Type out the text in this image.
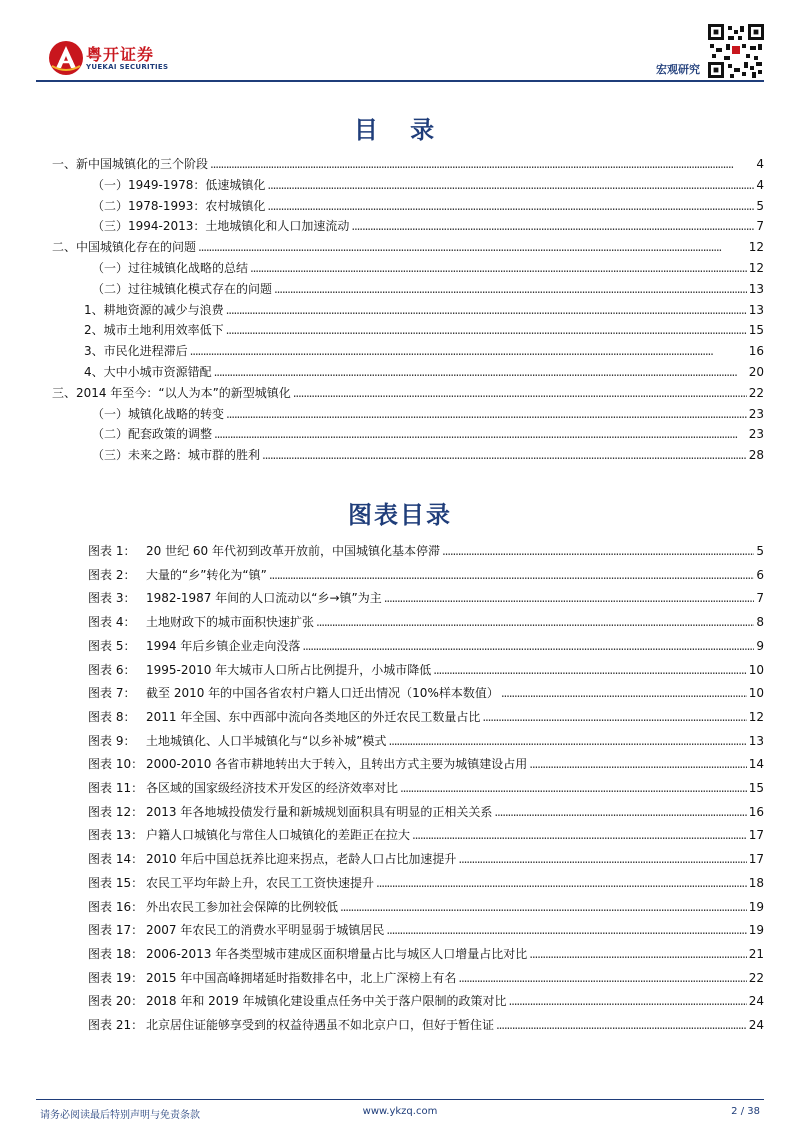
粤开证券
YUEKAI SECURITIES	宏观研究
目 录
一、新中国城镇化的三个阶段 . . .	4
（一）1949-1978：低速城镇化 . . .	4
（二）1978-1993：农村城镇化 . . .	5
（三）1994-2013：土地城镇化和人口加速流动 . . .	7
二、中国城镇化存在的问题 . . .	12
（一）过往城镇化战略的总结 . . .	12
（二）过往城镇化模式存在的问题 . . .	13
1、耕地资源的减少与浪费 . . .	13
2、城市土地利用效率低下 . . .	15
3、市民化进程滞后 . . .	16
4、大中小城市资源错配 . . .	20
三、2014 年至今：“以人为本”的新型城镇化 . . .	22
（一）城镇化战略的转变 . . .	23
（二）配套政策的调整 . . .	23
（三）未来之路：城市群的胜利 . . .	28
图表目录
图表 1： 20 世纪 60 年代初到改革开放前，中国城镇化基本停滞 . . .	5
图表 2： 大量的“乡”转化为“镇” . . .	6
图表 3： 1982-1987 年间的人口流动以“乡→镇”为主 . . .	7
图表 4： 土地财政下的城市面积快速扩张 . . .	8
图表 5： 1994 年后乡镇企业走向没落 . . .	9
图表 6： 1995-2010 年大城市人口所占比例提升，小城市降低 . . .	10
图表 7： 截至 2010 年的中国各省农村户籍人口迁出情况（10%样本数值） . . .	10
图表 8： 2011 年全国、东中西部中流向各类地区的外迁农民工数量占比 . . .	12
图表 9： 土地城镇化、人口半城镇化与“以乡补城”模式 . . .	13
图表 10： 2000-2010 各省市耕地转出大于转入，且转出方式主要为城镇建设占用 . . .	14
图表 11： 各区域的国家级经济技术开发区的经济效率对比 . . .	15
图表 12： 2013 年各地城投债发行量和新城规划面积具有明显的正相关关系 . . .	16
图表 13： 户籍人口城镇化与常住人口城镇化的差距正在拉大 . . .	17
图表 14： 2010 年后中国总抚养比迎来拐点，老龄人口占比加速提升 . . .	17
图表 15： 农民工平均年龄上升，农民工工资快速提升 . . .	18
图表 16： 外出农民工参加社会保障的比例较低 . . .	19
图表 17： 2007 年农民工的消费水平明显弱于城镇居民 . . .	19
图表 18： 2006-2013 年各类型城市建成区面积增量占比与城区人口增量占比对比 . . .	21
图表 19： 2015 年中国高峰拥堵延时指数排名中，北上广深榜上有名 . . .	22
图表 20： 2018 年和 2019 年城镇化建设重点任务中关于落户限制的政策对比 . . .	24
图表 21： 北京居住证能够享受到的权益待遇虽不如北京户口，但好于暂住证 . . .	24
请务必阅读最后特别声明与免责条款	www.ykzq.com	2 / 38
